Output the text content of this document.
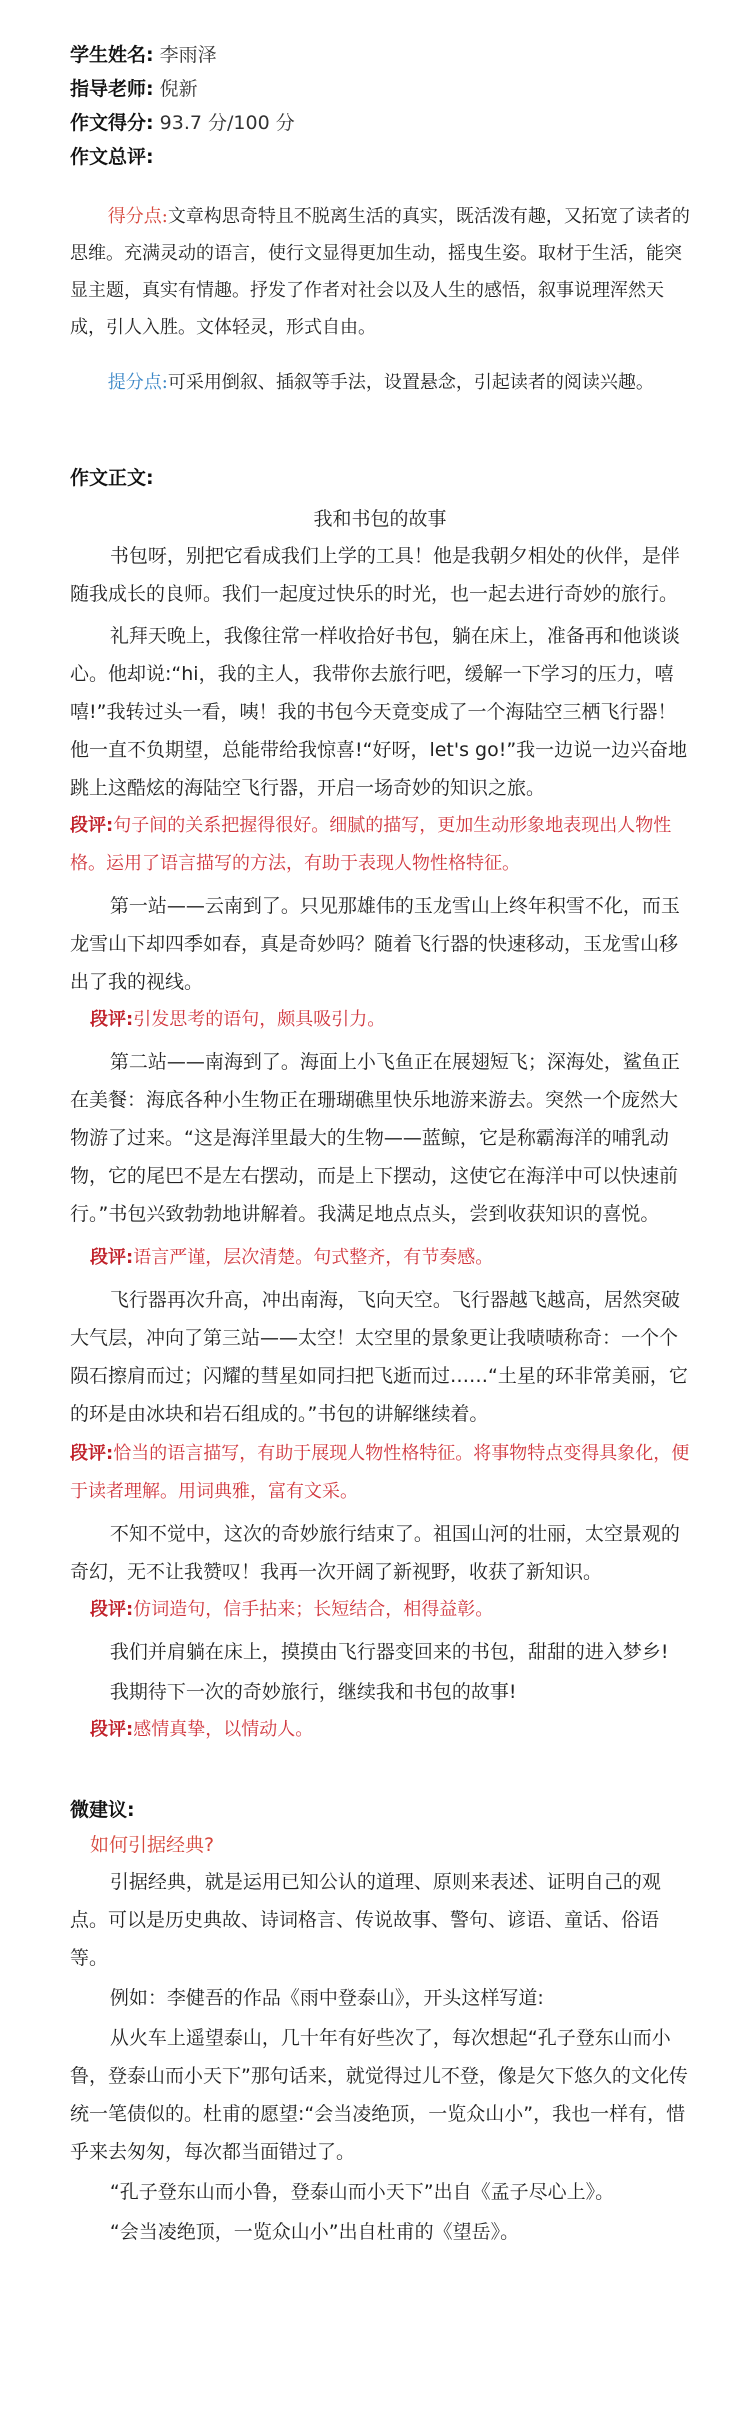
学生姓名: 李雨泽
指导老师: 倪新
作文得分: 93.7 分/100 分
作文总评:
得分点:文章构思奇特且不脱离生活的真实，既活泼有趣，又拓宽了读者的思维。充满灵动的语言，使行文显得更加生动，摇曳生姿。取材于生活，能突显主题，真实有情趣。抒发了作者对社会以及人生的感悟，叙事说理浑然天成，引人入胜。文体轻灵，形式自由。
提分点:可采用倒叙、插叙等手法，设置悬念，引起读者的阅读兴趣。
作文正文:
我和书包的故事
书包呀，别把它看成我们上学的工具！他是我朝夕相处的伙伴，是伴随我成长的良师。我们一起度过快乐的时光，也一起去进行奇妙的旅行。
礼拜天晚上，我像往常一样收拾好书包，躺在床上，准备再和他谈谈心。他却说:“hi，我的主人，我带你去旅行吧，缓解一下学习的压力，嘻嘻!”我转过头一看，咦！我的书包今天竟变成了一个海陆空三栖飞行器！他一直不负期望，总能带给我惊喜!“好呀，let's go!”我一边说一边兴奋地跳上这酷炫的海陆空飞行器，开启一场奇妙的知识之旅。
段评:句子间的关系把握得很好。细腻的描写，更加生动形象地表现出人物性格。运用了语言描写的方法，有助于表现人物性格特征。
第一站——云南到了。只见那雄伟的玉龙雪山上终年积雪不化，而玉龙雪山下却四季如春，真是奇妙吗？随着飞行器的快速移动，玉龙雪山移出了我的视线。
段评:引发思考的语句，颇具吸引力。
第二站——南海到了。海面上小飞鱼正在展翅短飞；深海处，鲨鱼正在美餐：海底各种小生物正在珊瑚礁里快乐地游来游去。突然一个庞然大物游了过来。“这是海洋里最大的生物——蓝鲸，它是称霸海洋的哺乳动物，它的尾巴不是左右摆动，而是上下摆动，这使它在海洋中可以快速前行。”书包兴致勃勃地讲解着。我满足地点点头，尝到收获知识的喜悦。
段评:语言严谨，层次清楚。句式整齐，有节奏感。
飞行器再次升高，冲出南海，飞向天空。飞行器越飞越高，居然突破大气层，冲向了第三站——太空！太空里的景象更让我啧啧称奇：一个个陨石擦肩而过；闪耀的彗星如同扫把飞逝而过……“土星的环非常美丽，它的环是由冰块和岩石组成的。”书包的讲解继续着。
段评:恰当的语言描写，有助于展现人物性格特征。将事物特点变得具象化，便于读者理解。用词典雅，富有文采。
不知不觉中，这次的奇妙旅行结束了。祖国山河的壮丽，太空景观的奇幻，无不让我赞叹！我再一次开阔了新视野，收获了新知识。
段评:仿词造句，信手拈来；长短结合，相得益彰。
我们并肩躺在床上，摸摸由飞行器变回来的书包，甜甜的进入梦乡!
我期待下一次的奇妙旅行，继续我和书包的故事!
段评:感情真挚，以情动人。
微建议:
如何引据经典?
引据经典，就是运用已知公认的道理、原则来表述、证明自己的观点。可以是历史典故、诗词格言、传说故事、警句、谚语、童话、俗语等。
例如：李健吾的作品《雨中登泰山》，开头这样写道:
从火车上遥望泰山，几十年有好些次了，每次想起“孔子登东山而小鲁，登泰山而小天下”那句话来，就觉得过儿不登，像是欠下悠久的文化传统一笔债似的。杜甫的愿望:“会当凌绝顶，一览众山小”，我也一样有，惜乎来去匆匆，每次都当面错过了。
“孔子登东山而小鲁，登泰山而小天下”出自《孟子尽心上》。
“会当凌绝顶，一览众山小”出自杜甫的《望岳》。
